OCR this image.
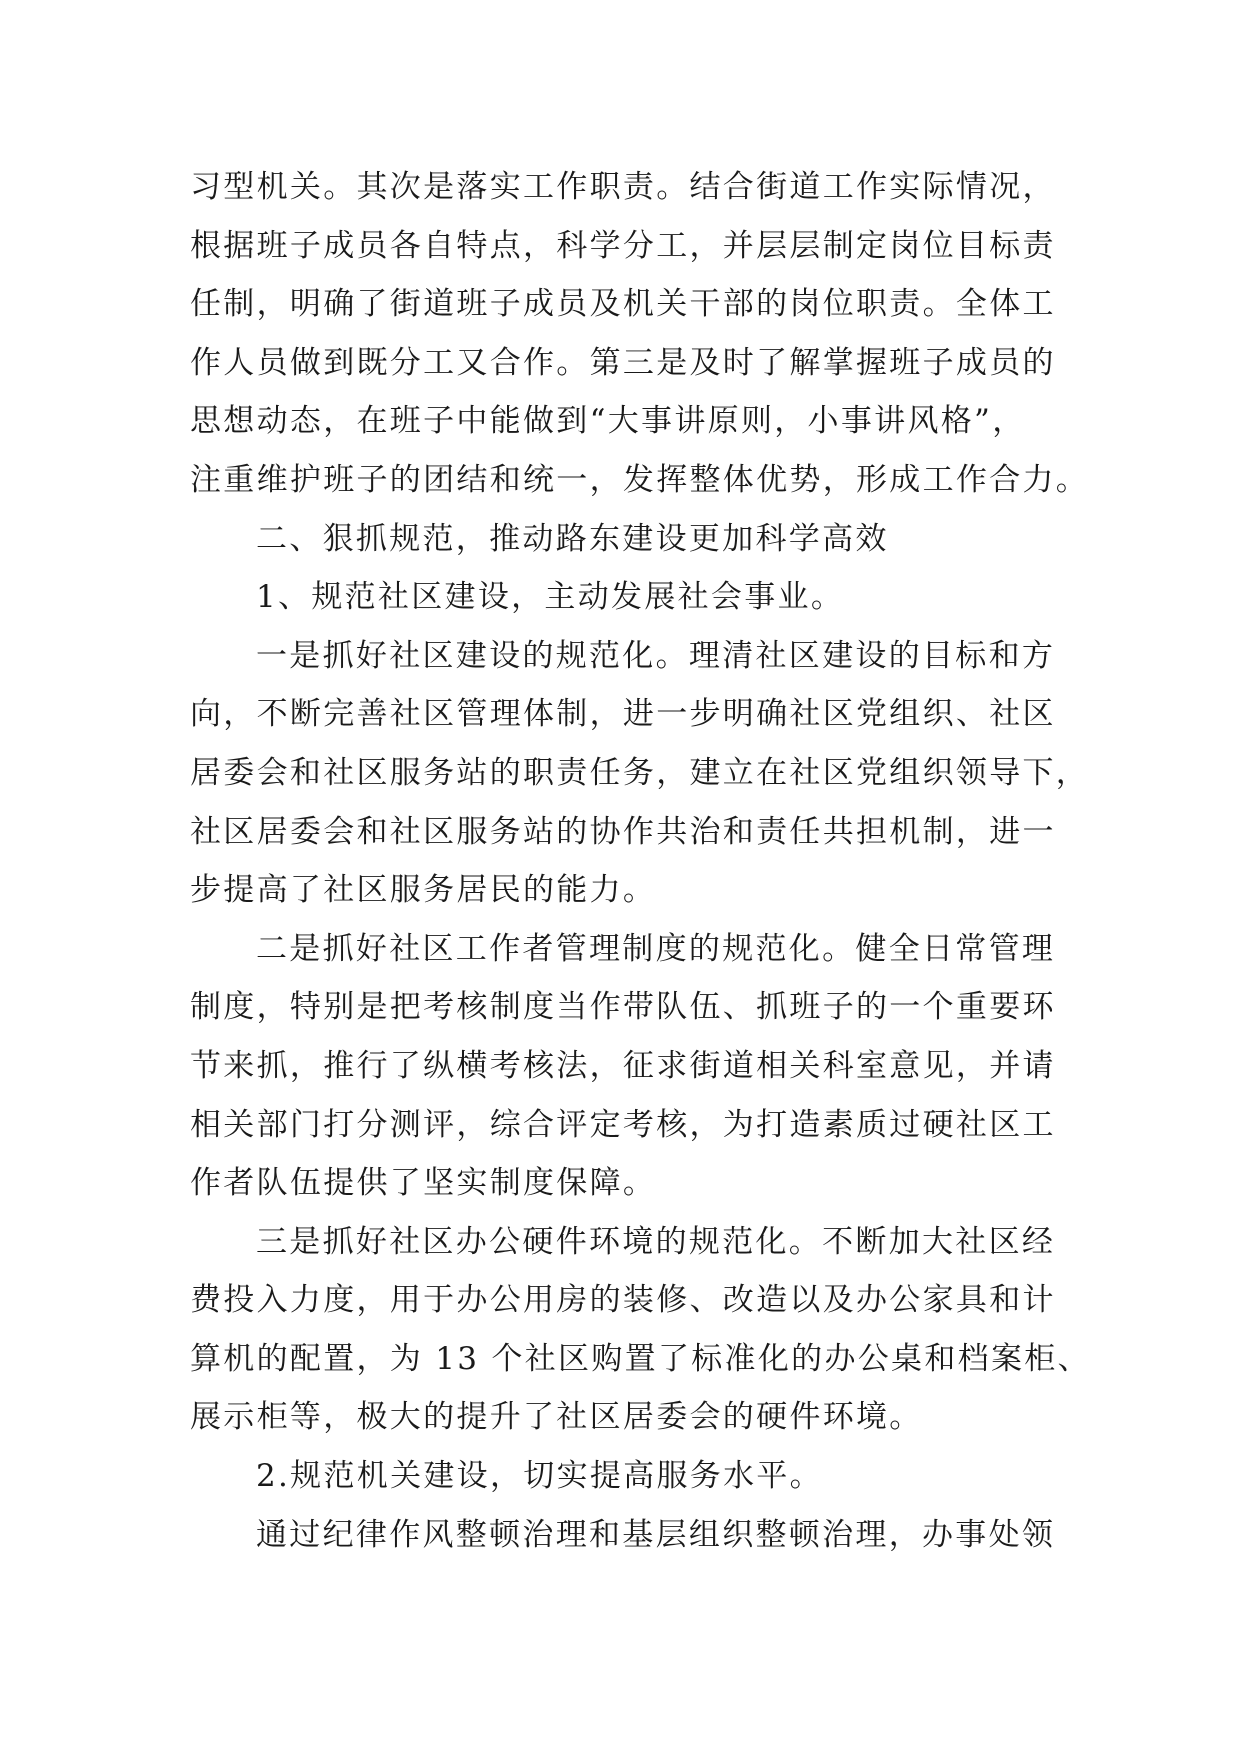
习型机关。其次是落实工作职责。结合街道工作实际情况，
根据班子成员各自特点，科学分工，并层层制定岗位目标责
任制，明确了街道班子成员及机关干部的岗位职责。全体工
作人员做到既分工又合作。第三是及时了解掌握班子成员的
思想动态，在班子中能做到“大事讲原则，小事讲风格”，
注重维护班子的团结和统一，发挥整体优势，形成工作合力。
二、狠抓规范，推动路东建设更加科学高效
1、规范社区建设，主动发展社会事业。
一是抓好社区建设的规范化。理清社区建设的目标和方
向，不断完善社区管理体制，进一步明确社区党组织、社区
居委会和社区服务站的职责任务，建立在社区党组织领导下，
社区居委会和社区服务站的协作共治和责任共担机制，进一
步提高了社区服务居民的能力。
二是抓好社区工作者管理制度的规范化。健全日常管理
制度，特别是把考核制度当作带队伍、抓班子的一个重要环
节来抓，推行了纵横考核法，征求街道相关科室意见，并请
相关部门打分测评，综合评定考核，为打造素质过硬社区工
作者队伍提供了坚实制度保障。
三是抓好社区办公硬件环境的规范化。不断加大社区经
费投入力度，用于办公用房的装修、改造以及办公家具和计
算机的配置，为 13 个社区购置了标准化的办公桌和档案柜、
展示柜等，极大的提升了社区居委会的硬件环境。
2.规范机关建设，切实提高服务水平。
通过纪律作风整顿治理和基层组织整顿治理，办事处领
